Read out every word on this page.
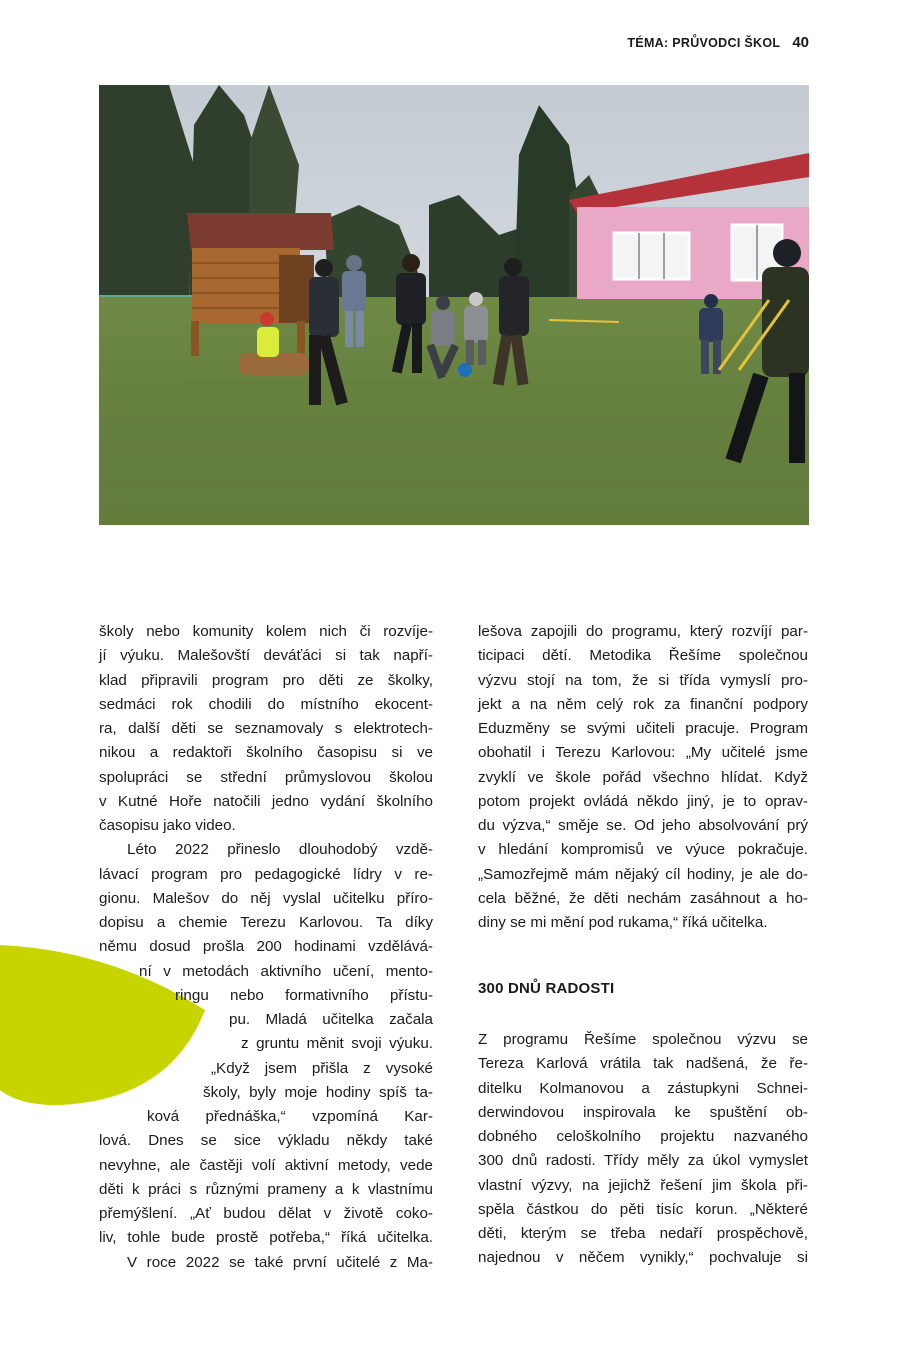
TÉMA: PRŮVODCI ŠKOL 40
školy nebo komunity kolem nich či rozvíje-
jí výuku. Malešovští deváťáci si tak napří-
klad připravili program pro děti ze školky,
sedmáci rok chodili do místního ekocent-
ra, další děti se seznamovaly s elektrotech-
nikou a redaktoři školního časopisu si ve
spolupráci se střední průmyslovou školou
v Kutné Hoře natočili jedno vydání školního
časopisu jako video.
Léto 2022 přineslo dlouhodobý vzdě-
lávací program pro pedagogické lídry v re-
gionu. Malešov do něj vyslal učitelku příro-
dopisu a chemie Terezu Karlovou. Ta díky
němu dosud prošla 200 hodinami vzdělává-
ní v metodách aktivního učení, mento-
ringu nebo formativního přístu-
pu. Mladá učitelka začala
z gruntu měnit svoji výuku.
„Když jsem přišla z vysoké
školy, byly moje hodiny spíš ta-
ková přednáška,“ vzpomíná Kar-
lová. Dnes se sice výkladu někdy také
nevyhne, ale častěji volí aktivní metody, vede
děti k práci s různými prameny a k vlastnímu
přemýšlení. „Ať budou dělat v životě coko-
liv, tohle bude prostě potřeba,“ říká učitelka.
V roce 2022 se také první učitelé z Ma-
lešova zapojili do programu, který rozvíjí par-
ticipaci dětí. Metodika Řešíme společnou
výzvu stojí na tom, že si třída vymyslí pro-
jekt a na něm celý rok za finanční podpory
Eduzměny se svými učiteli pracuje. Program
obohatil i Terezu Karlovou: „My učitelé jsme
zvyklí ve škole pořád všechno hlídat. Když
potom projekt ovládá někdo jiný, je to oprav-
du výzva,“ směje se. Od jeho absolvování prý
v hledání kompromisů ve výuce pokračuje.
„Samozřejmě mám nějaký cíl hodiny, je ale do-
cela běžné, že děti nechám zasáhnout a ho-
diny se mi mění pod rukama,“ říká učitelka.
300 DNŮ RADOSTI
Z programu Řešíme společnou výzvu se
Tereza Karlová vrátila tak nadšená, že ře-
ditelku Kolmanovou a zástupkyni Schnei-
derwindovou inspirovala ke spuštění ob-
dobného celoškolního projektu nazvaného
300 dnů radosti. Třídy měly za úkol vymyslet
vlastní výzvy, na jejichž řešení jim škola při-
spěla částkou do pěti tisíc korun. „Některé
děti, kterým se třeba nedaří prospěchově,
najednou v něčem vynikly,“ pochvaluje si
